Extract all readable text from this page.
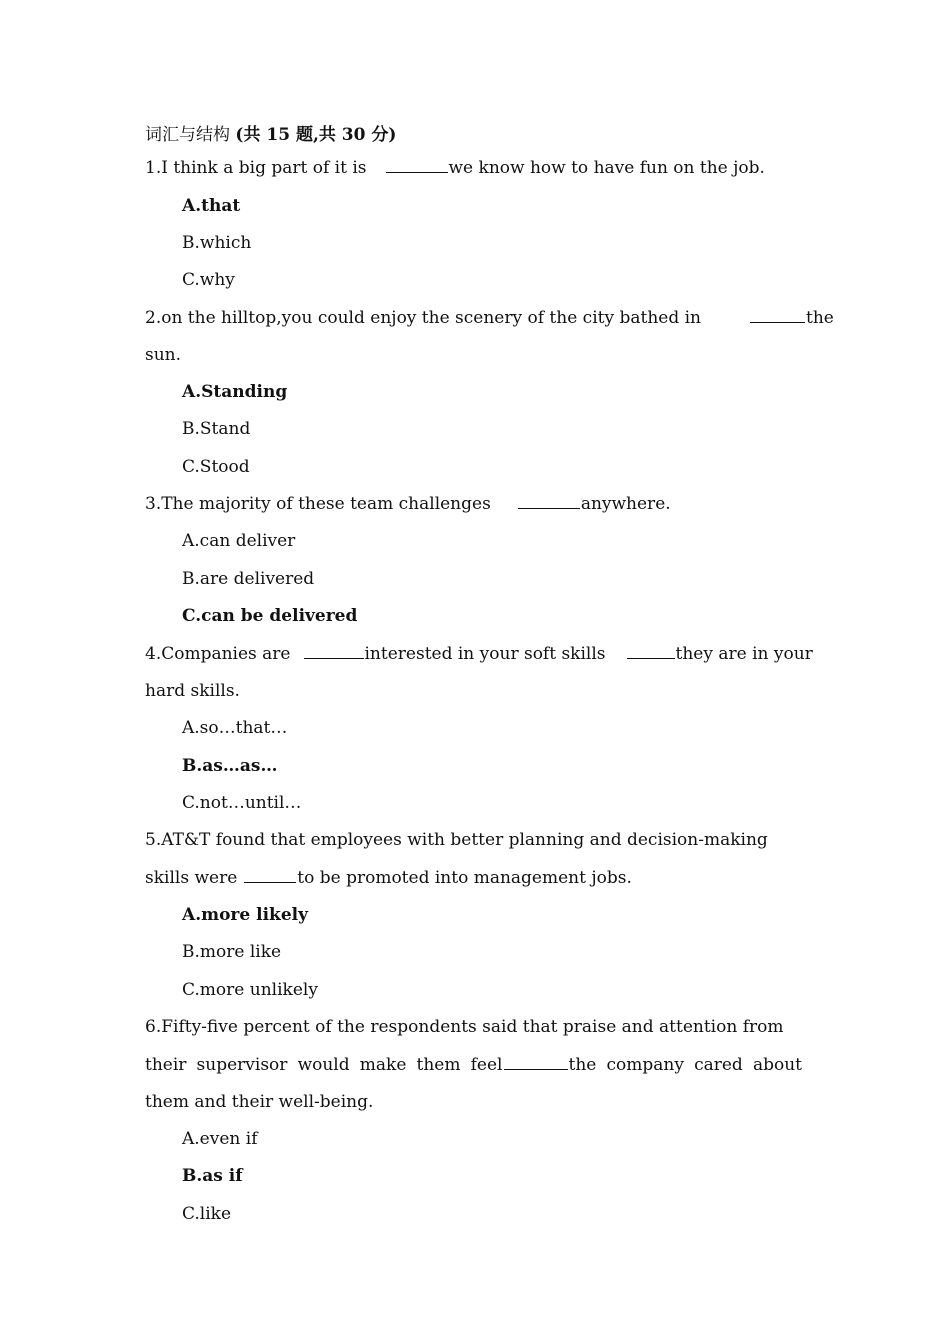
词汇与结构 (共 15 题,共 30 分)
1.I think a big part of it is	we know how to have fun on the job.
A.that
B.which
C.why
2.on the hilltop,you could enjoy the scenery of the city bathed in	the
sun.
A.Standing
B.Stand
C.Stood
3.The majority of these team challenges	anywhere.
A.can deliver
B.are delivered
C.can be delivered
4.Companies are	interested in your soft skills	they are in your
hard skills.
A.so…that…
B.as…as…
C.not…until…
5.AT&T found that employees with better planning and decision-making
skills were	to be promoted into management jobs.
A.more likely
B.more like
C.more unlikely
6.Fifty-five percent of the respondents said that praise and attention from
their supervisor would make them feel	the company cared about
them and their well-being.
A.even if
B.as if
C.like
